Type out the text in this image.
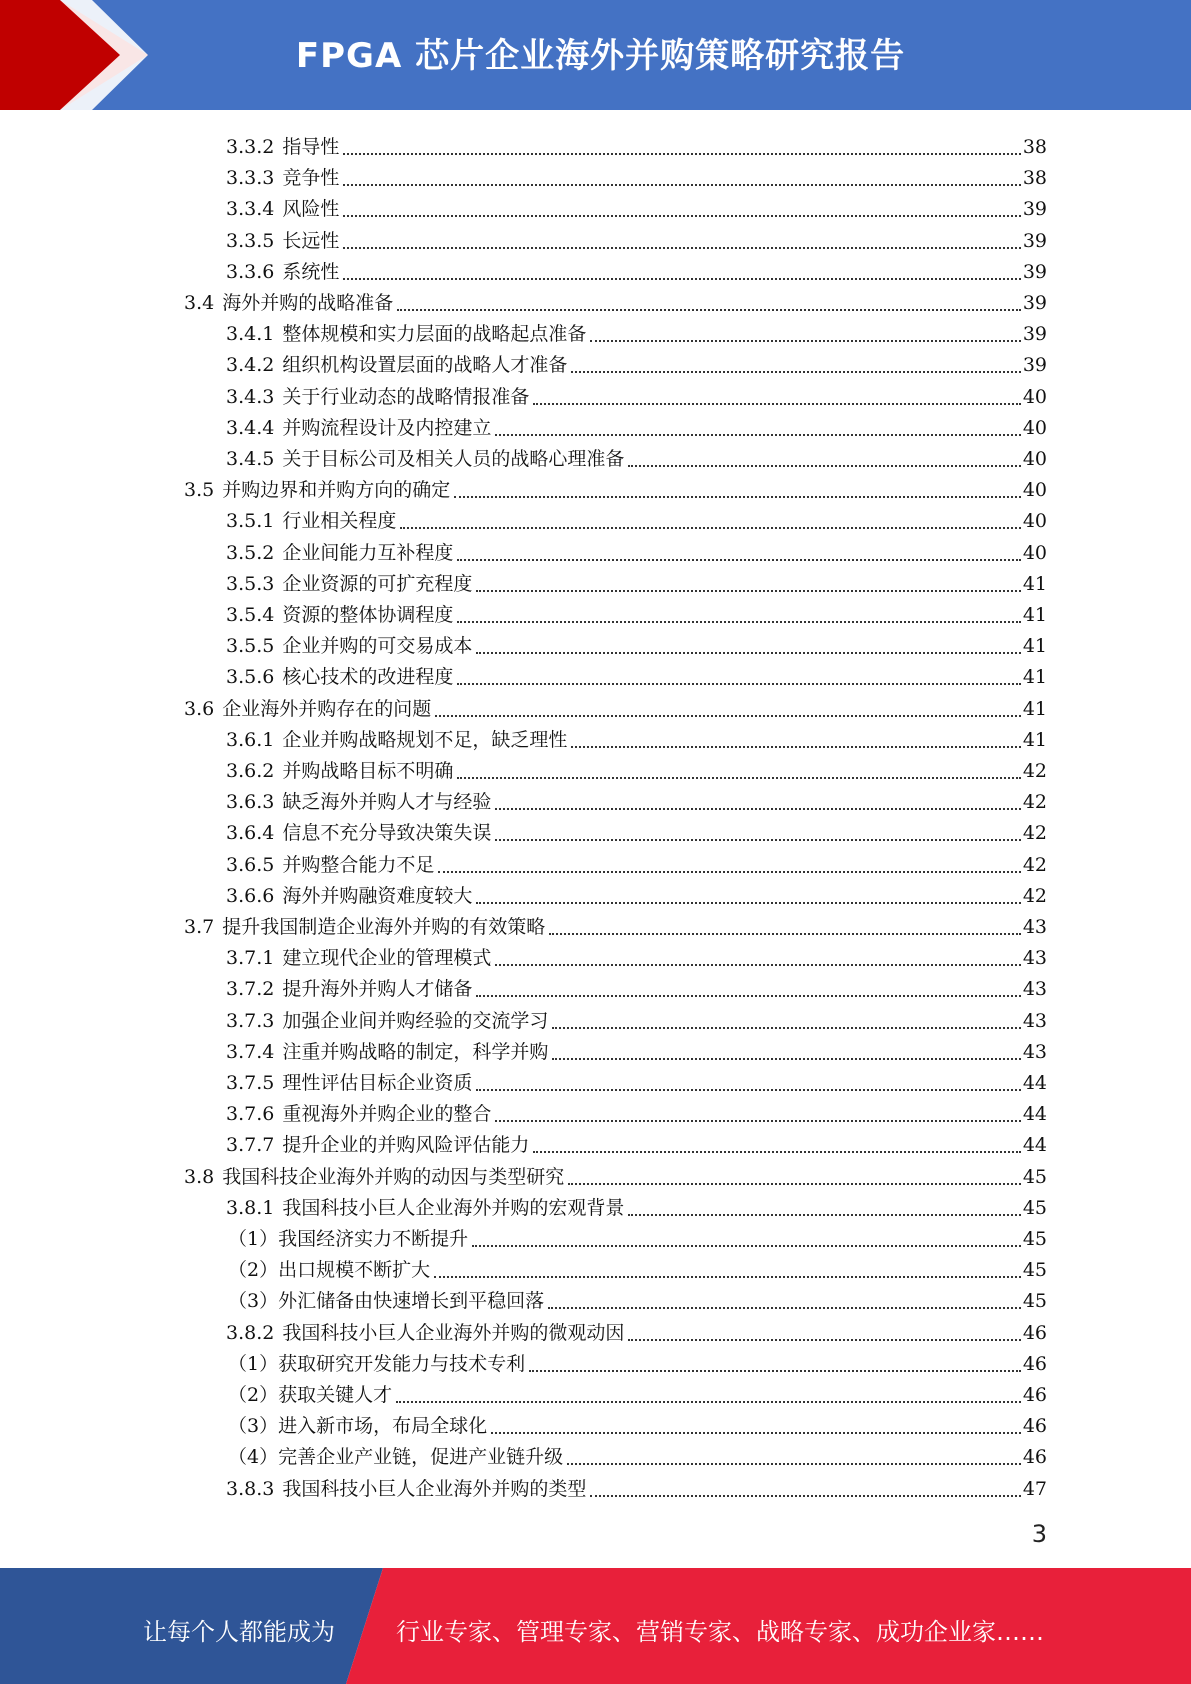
FPGA 芯片企业海外并购策略研究报告
3.3.2 指导性	38
3.3.3 竞争性	38
3.3.4 风险性	39
3.3.5 长远性	39
3.3.6 系统性	39
3.4 海外并购的战略准备	39
3.4.1 整体规模和实力层面的战略起点准备	39
3.4.2 组织机构设置层面的战略人才准备	39
3.4.3 关于行业动态的战略情报准备	40
3.4.4 并购流程设计及内控建立	40
3.4.5 关于目标公司及相关人员的战略心理准备	40
3.5 并购边界和并购方向的确定	40
3.5.1 行业相关程度	40
3.5.2 企业间能力互补程度	40
3.5.3 企业资源的可扩充程度	41
3.5.4 资源的整体协调程度	41
3.5.5 企业并购的可交易成本	41
3.5.6 核心技术的改进程度	41
3.6 企业海外并购存在的问题	41
3.6.1 企业并购战略规划不足，缺乏理性	41
3.6.2 并购战略目标不明确	42
3.6.3 缺乏海外并购人才与经验	42
3.6.4 信息不充分导致决策失误	42
3.6.5 并购整合能力不足	42
3.6.6 海外并购融资难度较大	42
3.7 提升我国制造企业海外并购的有效策略	43
3.7.1 建立现代企业的管理模式	43
3.7.2 提升海外并购人才储备	43
3.7.3 加强企业间并购经验的交流学习	43
3.7.4 注重并购战略的制定，科学并购	43
3.7.5 理性评估目标企业资质	44
3.7.6 重视海外并购企业的整合	44
3.7.7 提升企业的并购风险评估能力	44
3.8 我国科技企业海外并购的动因与类型研究	45
3.8.1 我国科技小巨人企业海外并购的宏观背景	45
（1） 我国经济实力不断提升	45
（2） 出口规模不断扩大	45
（3） 外汇储备由快速增长到平稳回落	45
3.8.2 我国科技小巨人企业海外并购的微观动因	46
（1） 获取研究开发能力与技术专利	46
（2） 获取关键人才	46
（3） 进入新市场，布局全球化	46
（4） 完善企业产业链，促进产业链升级	46
3.8.3 我国科技小巨人企业海外并购的类型	47
3
让每个人都能成为	行业专家、管理专家、营销专家、战略专家、成功企业家……
